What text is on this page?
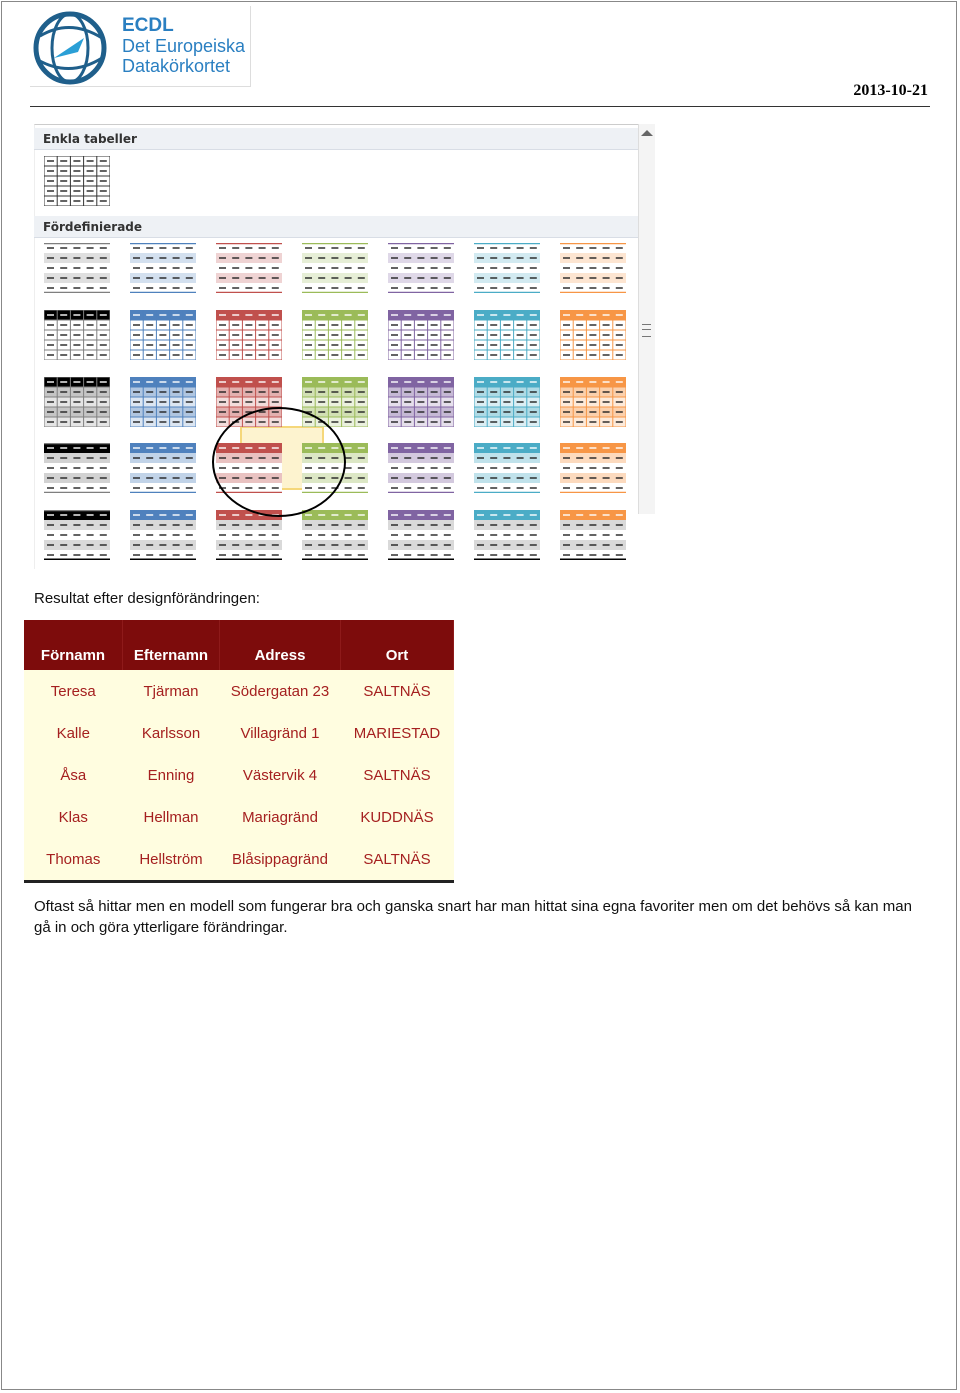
ECDL
Det Europeiska
Datakörkortet
2013-10-21
Enkla tabeller
Fördefinierade
Resultat efter designförändringen:
Förnamn	Efternamn	Adress	Ort
Teresa	Tjärman	Södergatan 23	SALTNÄS
Kalle	Karlsson	Villagränd 1	MARIESTAD
Åsa	Enning	Västervik 4	SALTNÄS
Klas	Hellman	Mariagränd	KUDDNÄS
Thomas	Hellström	Blåsippagränd	SALTNÄS
Oftast så hittar men en modell som fungerar bra och ganska snart har man hittat sina egna favoriter men om det behövs så kan man gå in och göra ytterligare förändringar.
